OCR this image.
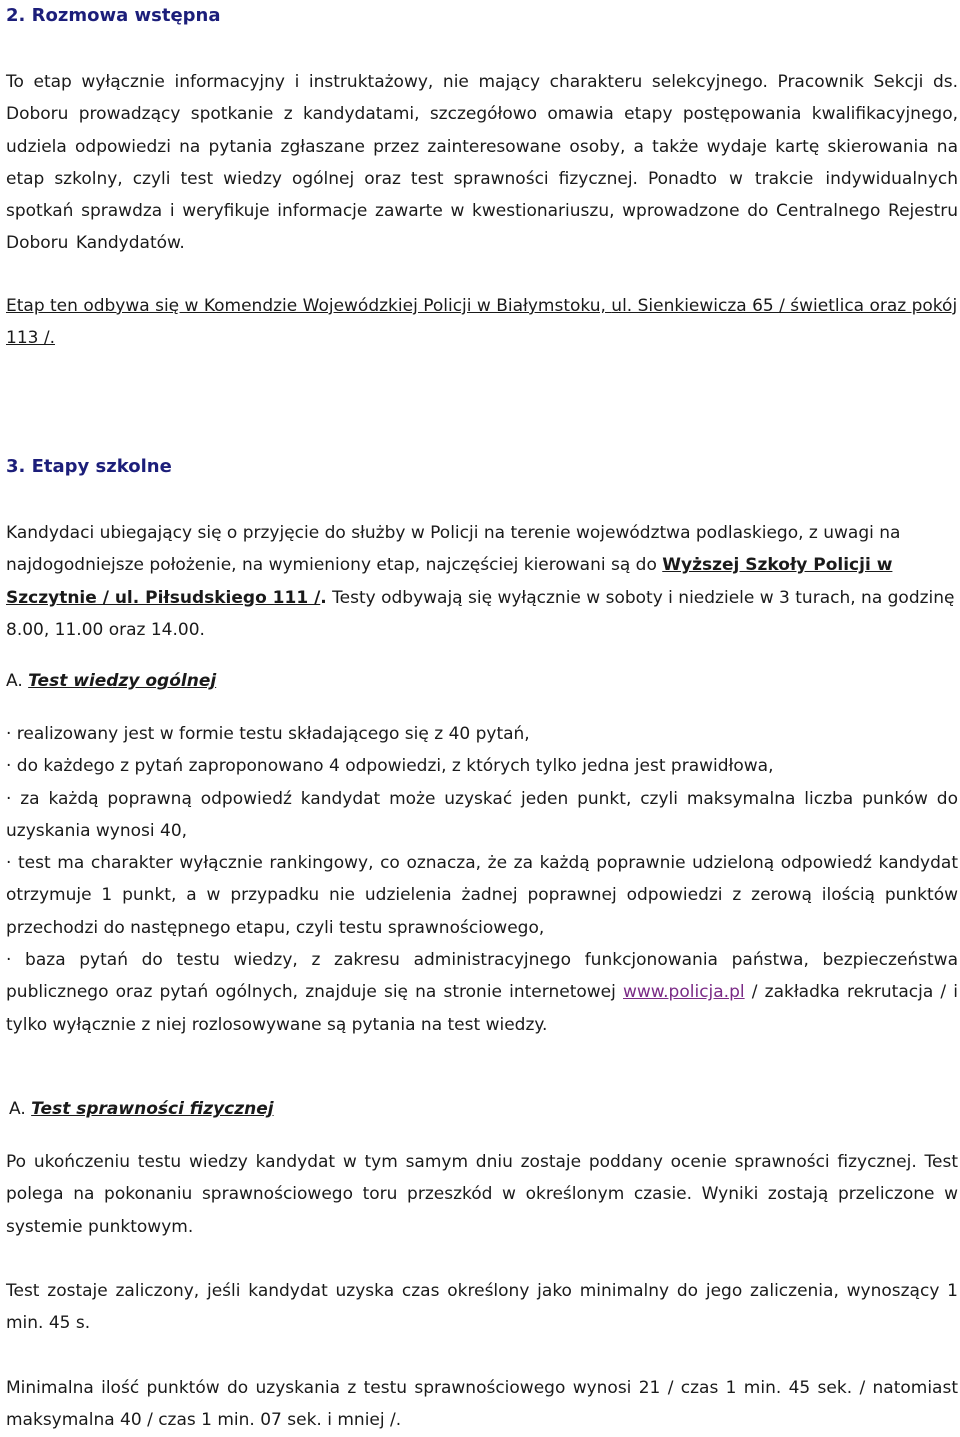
2. Rozmowa wstępna
To etap wyłącznie informacyjny i instruktażowy, nie mający charakteru selekcyjnego. Pracownik Sekcji ds. Doboru prowadzący spotkanie z kandydatami, szczegółowo omawia etapy postępowania kwalifikacyjnego, udziela odpowiedzi na pytania zgłaszane przez zainteresowane osoby, a także wydaje kartę skierowania na etap szkolny, czyli test wiedzy ogólnej oraz test sprawności fizycznej. Ponadto w trakcie indywidualnych spotkań sprawdza i weryfikuje informacje zawarte w kwestionariuszu, wprowadzone do Centralnego Rejestru Doboru Kandydatów.
Etap ten odbywa się w Komendzie Wojewódzkiej Policji w Białymstoku, ul. Sienkiewicza 65 / świetlica oraz pokój 113 /.
3. Etapy szkolne
Kandydaci ubiegający się o przyjęcie do służby w Policji na terenie województwa podlaskiego, z uwagi na najdogodniejsze położenie, na wymieniony etap, najczęściej kierowani są do Wyższej Szkoły Policji w Szczytnie / ul. Piłsudskiego 111 /. Testy odbywają się wyłącznie w soboty i niedziele w 3 turach, na godzinę 8.00, 11.00 oraz 14.00.
A. Test wiedzy ogólnej
· realizowany jest w formie testu składającego się z 40 pytań,
· do każdego z pytań zaproponowano 4 odpowiedzi, z których tylko jedna jest prawidłowa,
· za każdą poprawną odpowiedź kandydat może uzyskać jeden punkt, czyli maksymalna liczba punków do uzyskania wynosi 40,
· test ma charakter wyłącznie rankingowy, co oznacza, że za każdą poprawnie udzieloną odpowiedź kandydat otrzymuje 1 punkt, a w przypadku nie udzielenia żadnej poprawnej odpowiedzi z zerową ilością punktów przechodzi do następnego etapu, czyli testu sprawnościowego,
· baza pytań do testu wiedzy, z zakresu administracyjnego funkcjonowania państwa, bezpieczeństwa publicznego oraz pytań ogólnych, znajduje się na stronie internetowej www.policja.pl / zakładka rekrutacja / i tylko wyłącznie z niej rozlosowywane są pytania na test wiedzy.
A. Test sprawności fizycznej
Po ukończeniu testu wiedzy kandydat w tym samym dniu zostaje poddany ocenie sprawności fizycznej. Test polega na pokonaniu sprawnościowego toru przeszkód w określonym czasie. Wyniki zostają przeliczone w systemie punktowym.
Test zostaje zaliczony, jeśli kandydat uzyska czas określony jako minimalny do jego zaliczenia, wynoszący 1 min. 45 s.
Minimalna ilość punktów do uzyskania z testu sprawnościowego wynosi 21 / czas 1 min. 45 sek. / natomiast maksymalna 40 / czas 1 min. 07 sek. i mniej /.
